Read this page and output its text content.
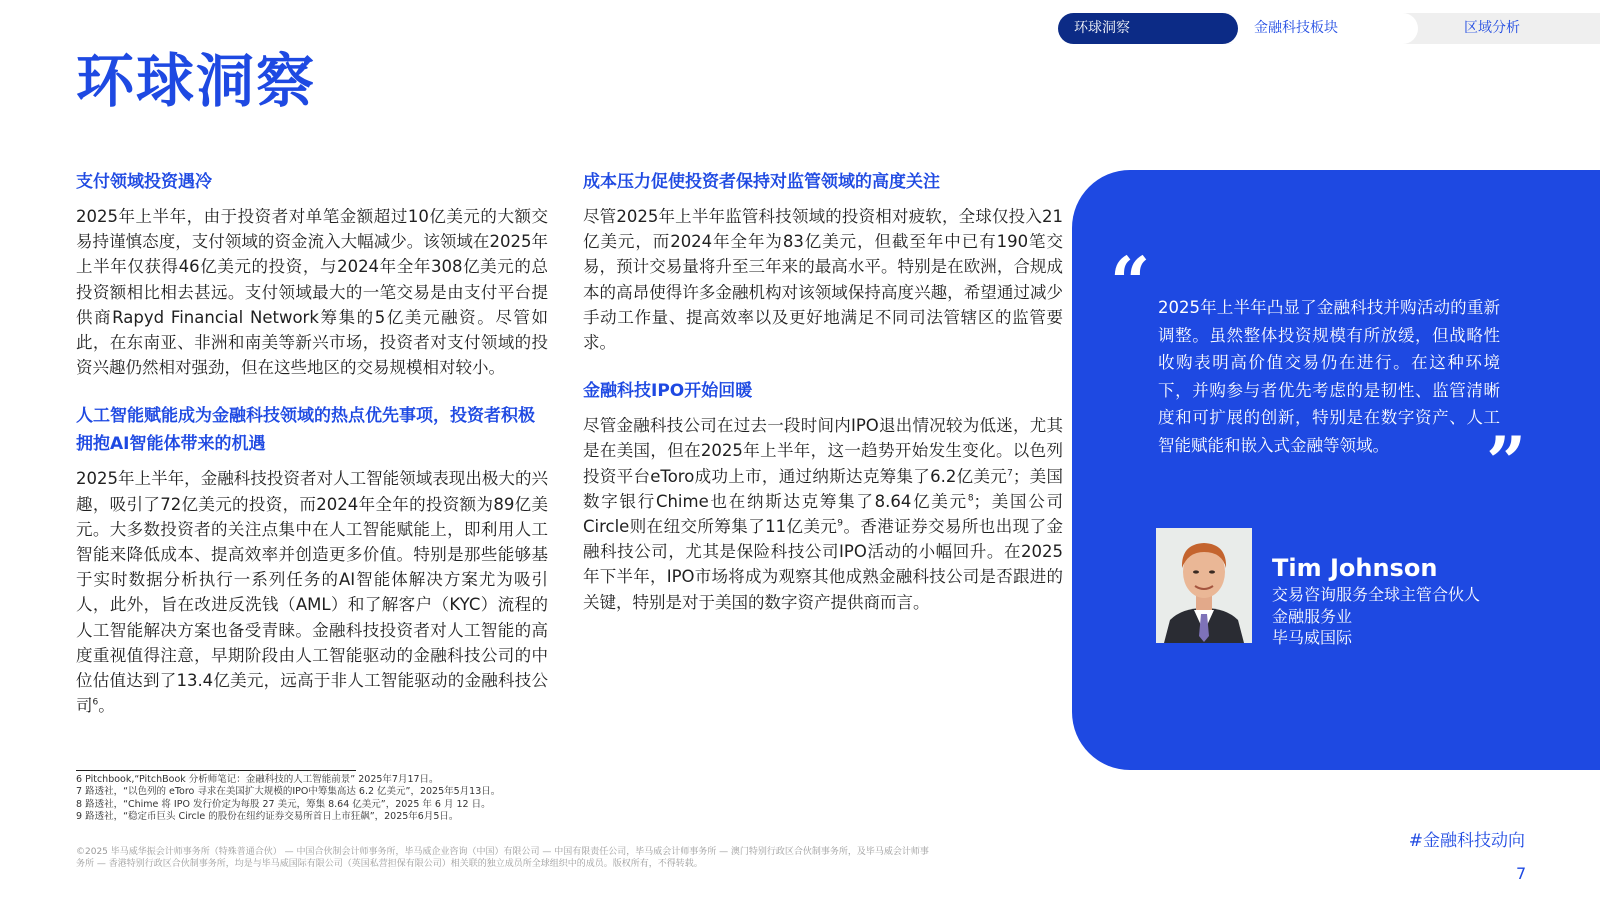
环球洞察
环球洞察	金融科技板块	区域分析
支付领域投资遇冷

2025年上半年，由于投资者对单笔金额超过10亿美元的大额交易持谨慎态度，支付领域的资金流入大幅减少。该领域在2025年上半年仅获得46亿美元的投资，与2024年全年308亿美元的总投资额相比相去甚远。支付领域最大的一笔交易是由支付平台提供商Rapyd Financial Network筹集的5亿美元融资。尽管如此，在东南亚、非洲和南美等新兴市场，投资者对支付领域的投资兴趣仍然相对强劲，但在这些地区的交易规模相对较小。

人工智能赋能成为金融科技领域的热点优先事项，投资者积极拥抱AI智能体带来的机遇

2025年上半年，金融科技投资者对人工智能领域表现出极大的兴趣，吸引了72亿美元的投资，而2024年全年的投资额为89亿美元。大多数投资者的关注点集中在人工智能赋能上，即利用人工智能来降低成本、提高效率并创造更多价值。特别是那些能够基于实时数据分析执行一系列任务的AI智能体解决方案尤为吸引人，此外，旨在改进反洗钱（AML）和了解客户（KYC）流程的人工智能解决方案也备受青睐。金融科技投资者对人工智能的高度重视值得注意，早期阶段由人工智能驱动的金融科技公司的中位估值达到了13.4亿美元，远高于非人工智能驱动的金融科技公司$^6$。

成本压力促使投资者保持对监管领域的高度关注

尽管2025年上半年监管科技领域的投资相对疲软，全球仅投入21亿美元，而2024年全年为83亿美元，但截至年中已有190笔交易，预计交易量将升至三年来的最高水平。特别是在欧洲，合规成本的高昂使得许多金融机构对该领域保持高度兴趣，希望通过减少手动工作量、提高效率以及更好地满足不同司法管辖区的监管要求。

金融科技IPO开始回暖

尽管金融科技公司在过去一段时间内IPO退出情况较为低迷，尤其是在美国，但在2025年上半年，这一趋势开始发生变化。以色列投资平台eToro成功上市，通过纳斯达克筹集了6.2亿美元$^7$；美国数字银行Chime也在纳斯达克筹集了8.64亿美元$^8$；美国公司Circle则在纽交所筹集了11亿美元$^9$。香港证券交易所也出现了金融科技公司，尤其是保险科技公司IPO活动的小幅回升。在2025年下半年，IPO市场将成为观察其他成熟金融科技公司是否跟进的关键，特别是对于美国的数字资产提供商而言。

“ 2025年上半年凸显了金融科技并购活动的重新调整。虽然整体投资规模有所放缓，但战略性收购表明高价值交易仍在进行。在这种环境下，并购参与者优先考虑的是韧性、监管清晰度和可扩展的创新，特别是在数字资产、人工智能赋能和嵌入式金融等领域。	”
Tim Johnson
交易咨询服务全球主管合伙人
金融服务业
毕马威国际
6 Pitchbook,“PitchBook 分析师笔记：金融科技的人工智能前景” 2025年7月17日。
7 路透社，“以色列的 eToro 寻求在美国扩大规模的IPO中筹集高达 6.2 亿美元”，2025年5月13日。
8 路透社，“Chime 将 IPO 发行价定为每股 27 美元，筹集 8.64 亿美元”，2025 年 6 月 12 日。
9 路透社，“稳定币巨头 Circle 的股份在纽约证券交易所首日上市狂飙”，2025年6月5日。
©2025 毕马威华振会计师事务所（特殊普通合伙） — 中国合伙制会计师事务所，毕马威企业咨询（中国）有限公司 — 中国有限责任公司，毕马威会计师事务所 — 澳门特别行政区合伙制事务所，及毕马威会计师事
务所 — 香港特别行政区合伙制事务所，均是与毕马威国际有限公司（英国私营担保有限公司）相关联的独立成员所全球组织中的成员。版权所有，不得转载。
#金融科技动向
7
